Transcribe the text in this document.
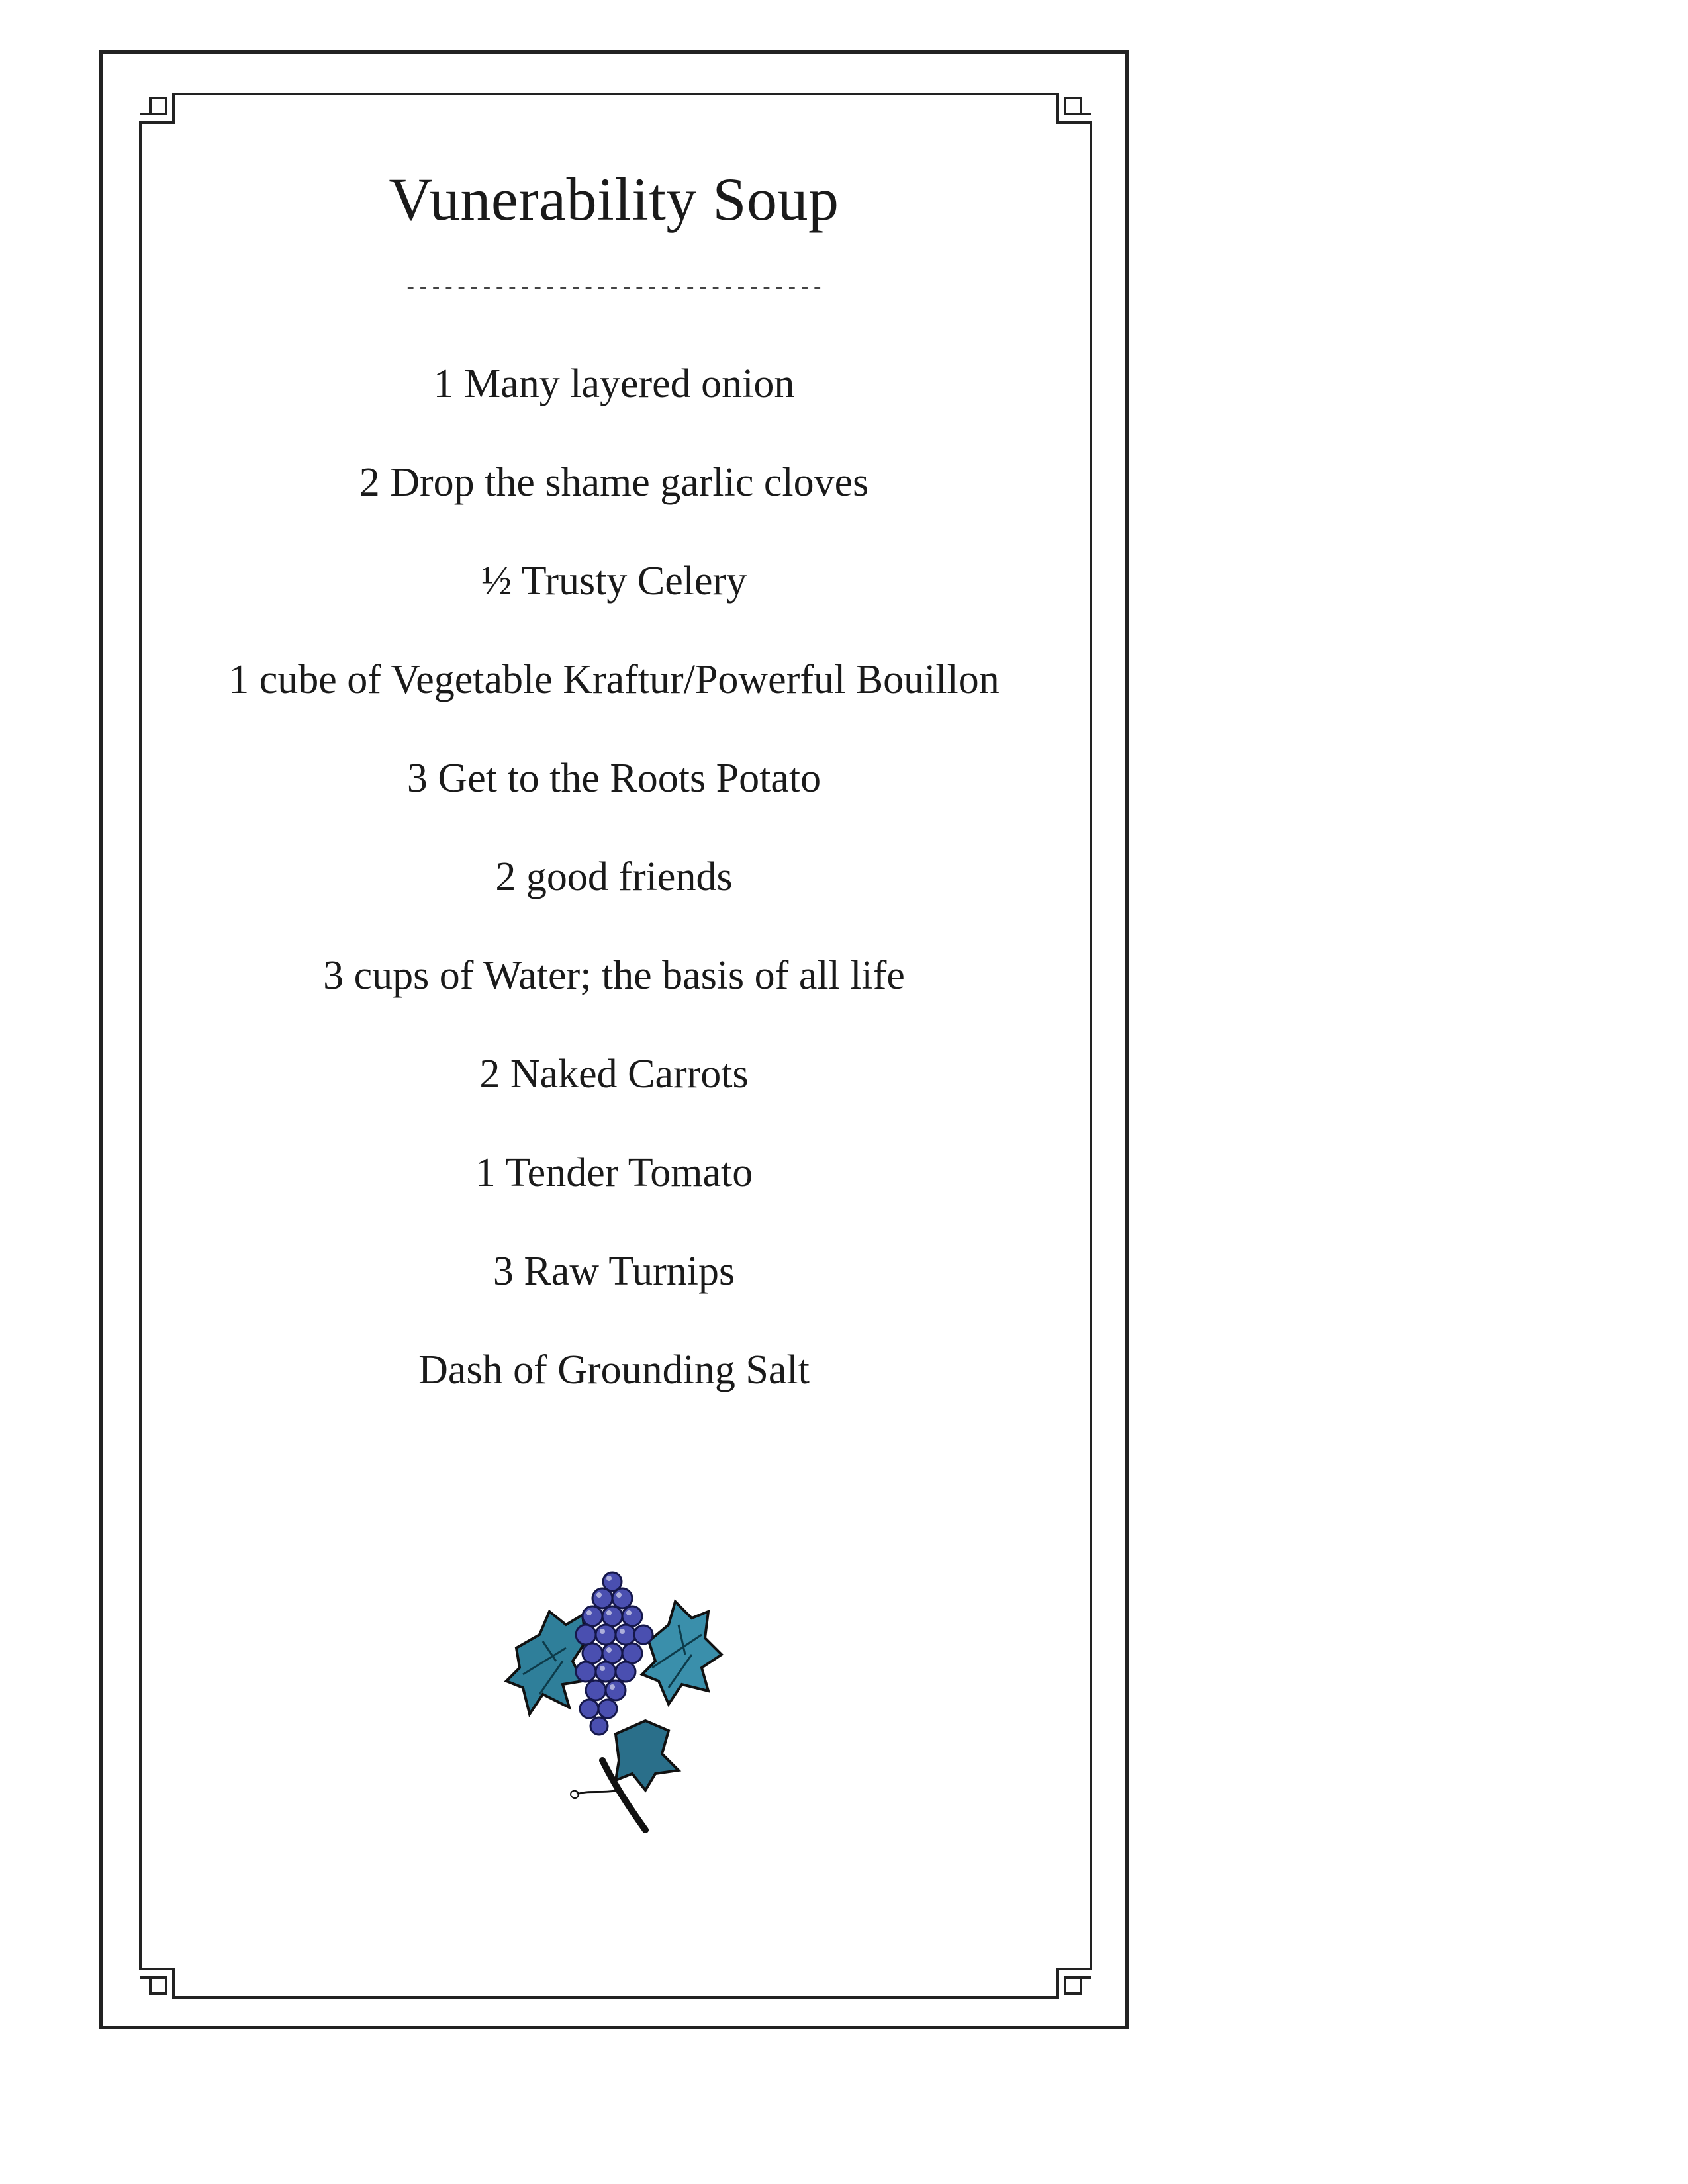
Vunerability Soup
---------------------------------
1 Many layered onion
2 Drop the shame garlic cloves
½ Trusty Celery
1 cube of Vegetable Kraftur/Powerful Bouillon
3 Get to the Roots Potato
2 good friends
3 cups of Water; the basis of all life
2 Naked Carrots
1 Tender Tomato
3 Raw Turnips
Dash of Grounding Salt
